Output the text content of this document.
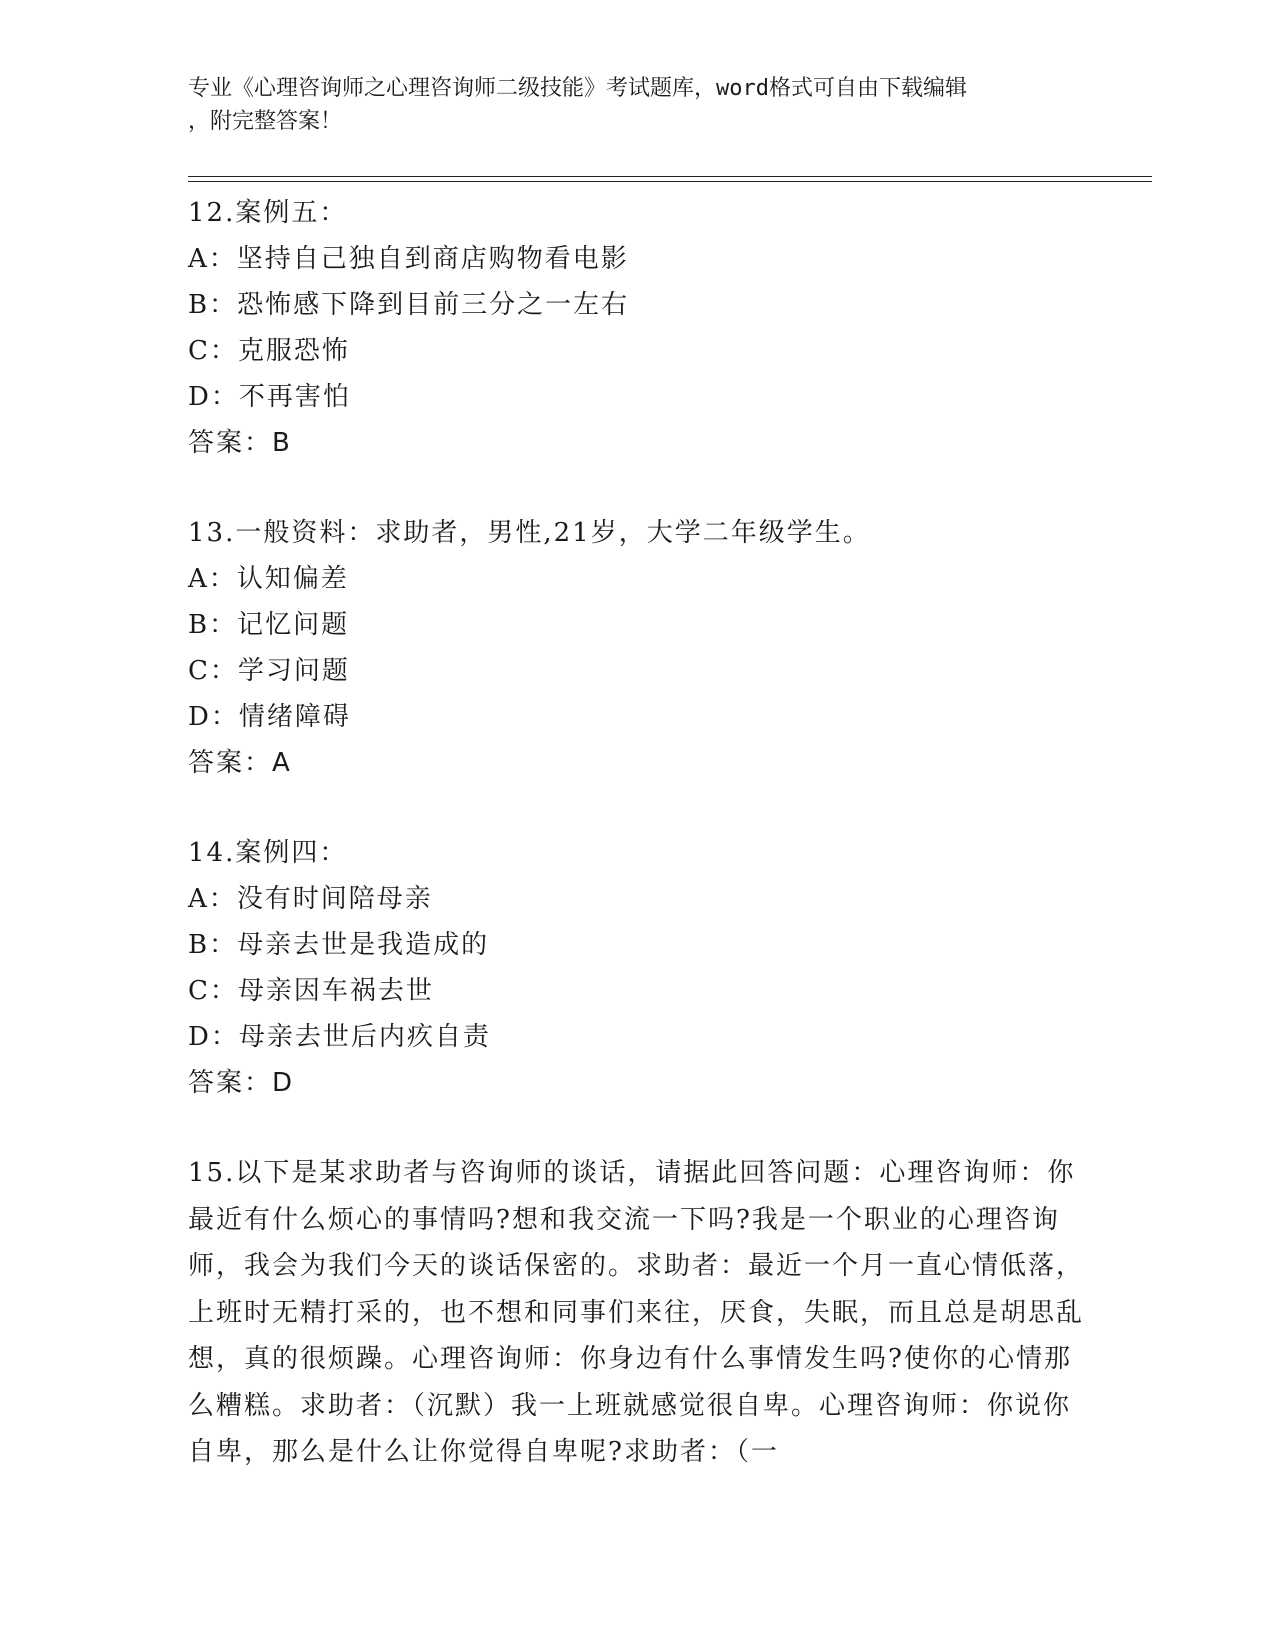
专业《心理咨询师之心理咨询师二级技能》考试题库，word格式可自由下载编辑
，附完整答案！
12.案例五：
A：坚持自己独自到商店购物看电影
B：恐怖感下降到目前三分之一左右
C：克服恐怖
D：不再害怕
答案：B
13.一般资料：求助者，男性,21岁，大学二年级学生。
A：认知偏差
B：记忆问题
C：学习问题
D：情绪障碍
答案：A
14.案例四：
A：没有时间陪母亲
B：母亲去世是我造成的
C：母亲因车祸去世
D：母亲去世后内疚自责
答案：D
15.以下是某求助者与咨询师的谈话，请据此回答问题：心理咨询师：你最近有什么烦心的事情吗?想和我交流一下吗?我是一个职业的心理咨询师，我会为我们今天的谈话保密的。求助者：最近一个月一直心情低落，上班时无精打采的，也不想和同事们来往，厌食，失眠，而且总是胡思乱想，真的很烦躁。心理咨询师：你身边有什么事情发生吗?使你的心情那么糟糕。求助者：（沉默）我一上班就感觉很自卑。心理咨询师：你说你自卑，那么是什么让你觉得自卑呢?求助者：（一
